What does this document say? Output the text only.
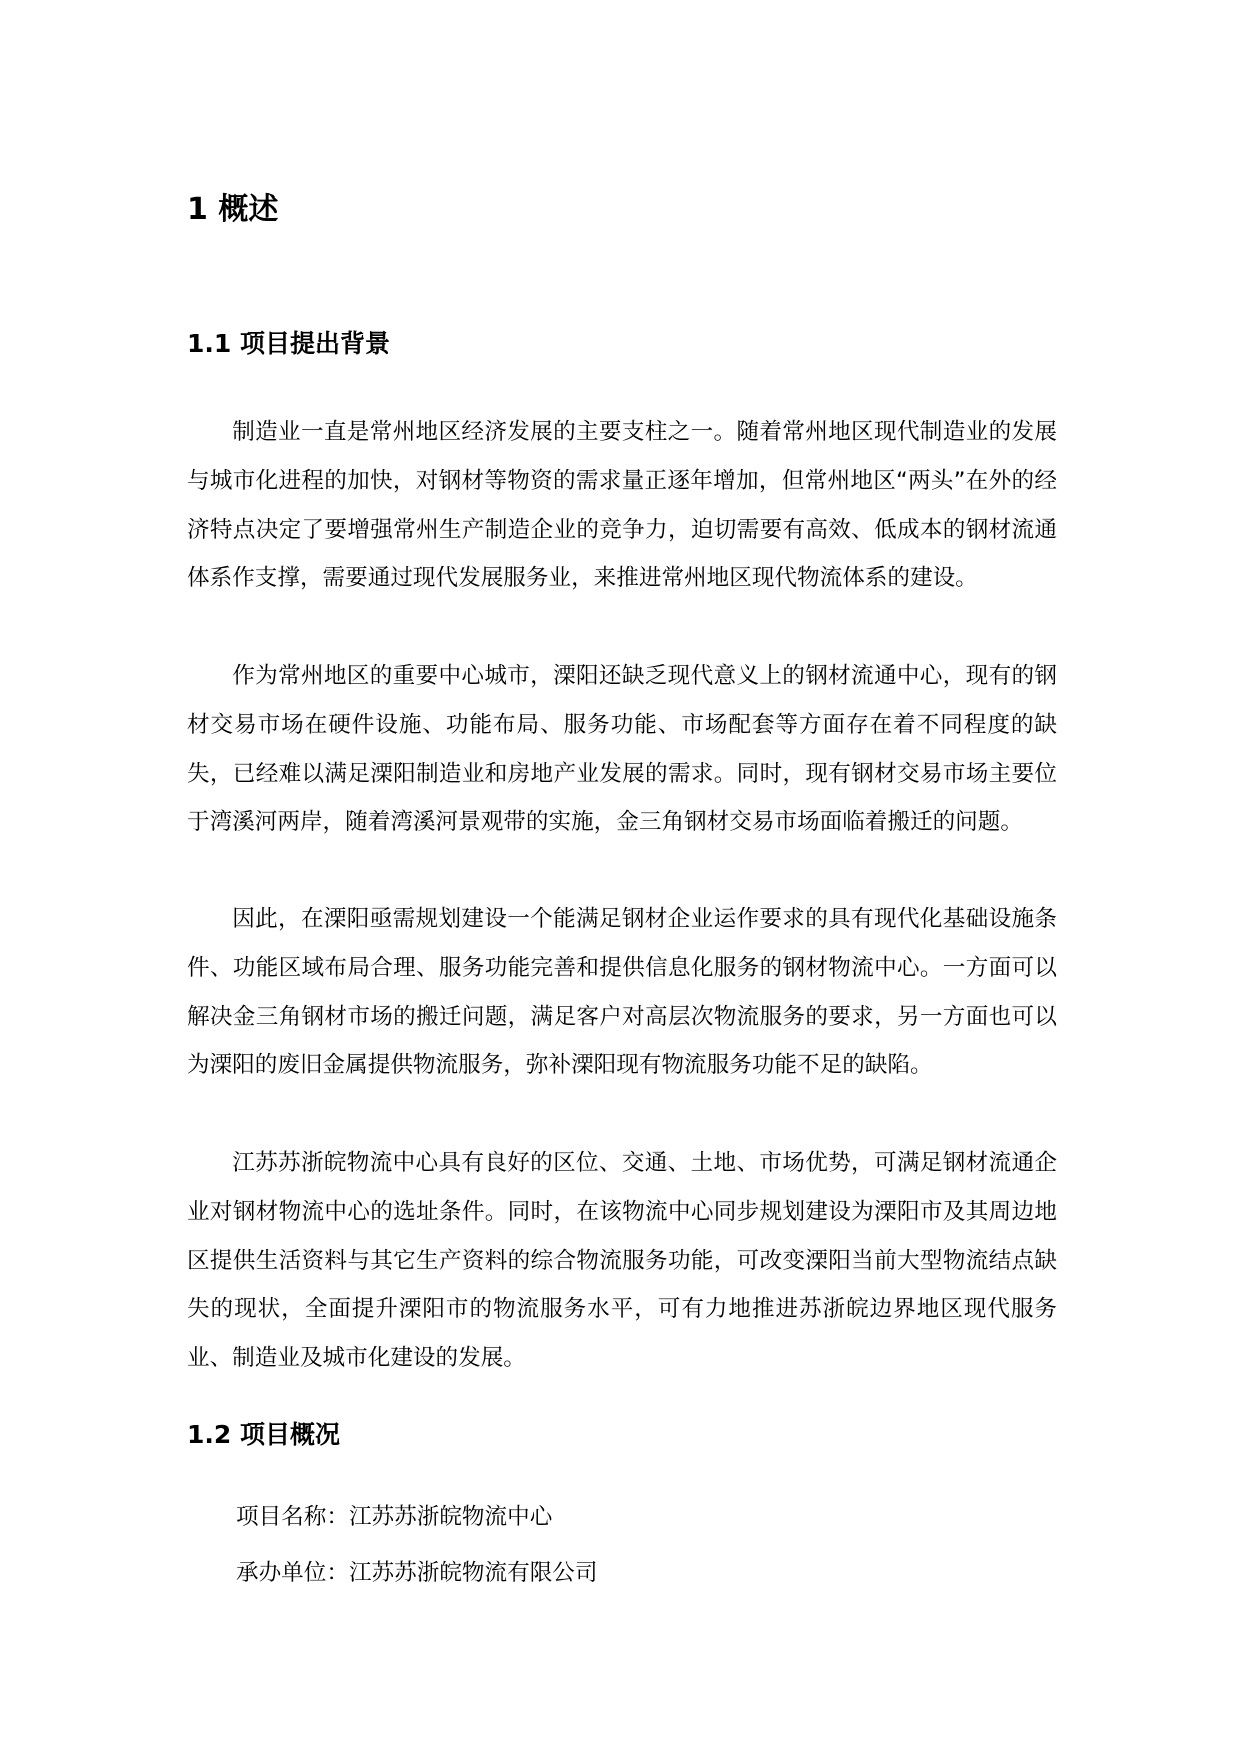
1 概述
1.1 项目提出背景

制造业一直是常州地区经济发展的主要支柱之一。随着常州地区现代制造业的发展与城市化进程的加快，对钢材等物资的需求量正逐年增加，但常州地区“两头”在外的经济特点决定了要增强常州生产制造企业的竞争力，迫切需要有高效、低成本的钢材流通体系作支撑，需要通过现代发展服务业，来推进常州地区现代物流体系的建设。

作为常州地区的重要中心城市，溧阳还缺乏现代意义上的钢材流通中心，现有的钢材交易市场在硬件设施、功能布局、服务功能、市场配套等方面存在着不同程度的缺失，已经难以满足溧阳制造业和房地产业发展的需求。同时，现有钢材交易市场主要位于湾溪河两岸，随着湾溪河景观带的实施，金三角钢材交易市场面临着搬迁的问题。

因此，在溧阳亟需规划建设一个能满足钢材企业运作要求的具有现代化基础设施条件、功能区域布局合理、服务功能完善和提供信息化服务的钢材物流中心。一方面可以解决金三角钢材市场的搬迁问题，满足客户对高层次物流服务的要求，另一方面也可以为溧阳的废旧金属提供物流服务，弥补溧阳现有物流服务功能不足的缺陷。

江苏苏浙皖物流中心具有良好的区位、交通、土地、市场优势，可满足钢材流通企业对钢材物流中心的选址条件。同时，在该物流中心同步规划建设为溧阳市及其周边地区提供生活资料与其它生产资料的综合物流服务功能，可改变溧阳当前大型物流结点缺失的现状，全面提升溧阳市的物流服务水平，可有力地推进苏浙皖边界地区现代服务业、制造业及城市化建设的发展。

1.2 项目概况

项目名称：江苏苏浙皖物流中心

承办单位：江苏苏浙皖物流有限公司
